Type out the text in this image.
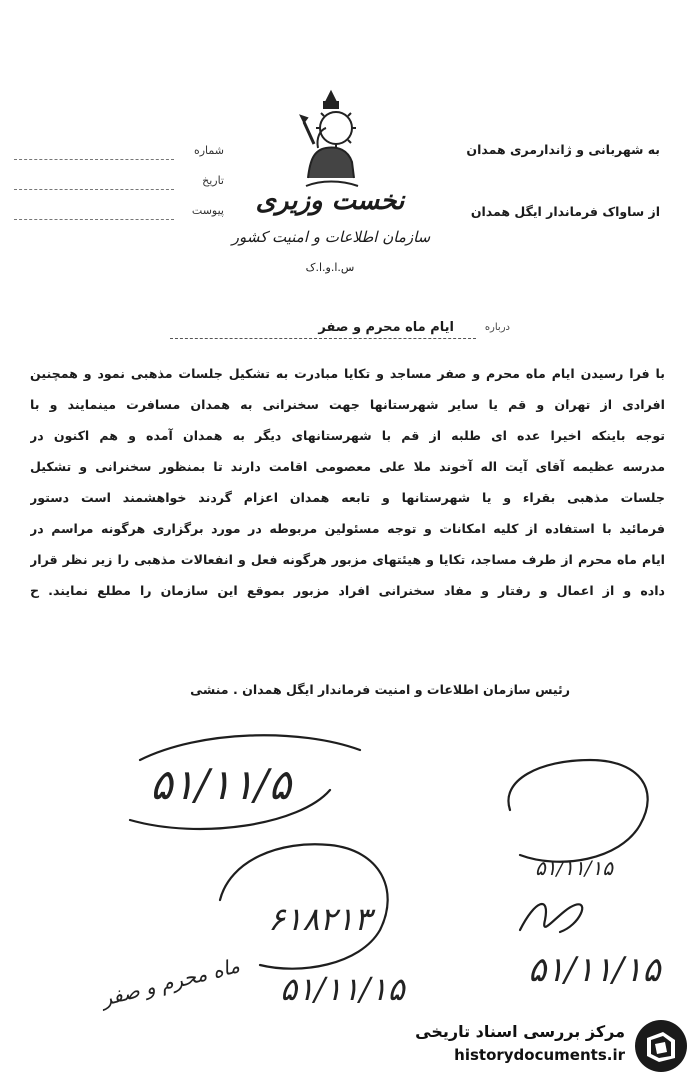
نخست وزیری
سازمان اطلاعات و امنیت کشور
س.ا.و.ا.ک
شماره
تاریخ
پیوست
به شهربانی و ژاندارمری همدان
از ساواک فرماندار ایگل همدان
درباره
ایام ماه محرم و صفر
با فرا رسیدن ایام ماه محرم و صفر مساجد و تکایا مبادرت به تشکیل جلسات مذهبی نمود و همچنین
افرادی از تهران و قم یا سایر شهرستانها جهت سخنرانی به همدان مسافرت مینمایند و با
توجه باینکه اخیرا عده ای طلبه از قم با شهرستانهای دیگر به همدان آمده و هم اکنون در
مدرسه عظیمه آقای آیت اله آخوند ملا علی معصومی اقامت دارند تا بمنظور سخنرانی و تشکیل
جلسات مذهبی بقراء و یا شهرستانها و تابعه همدان اعزام گردند خواهشمند است دستور
فرمائید با استفاده از کلیه امکانات و توجه مسئولین مربوطه در مورد برگزاری هرگونه مراسم در
ایام ماه محرم از طرف مساجد، تکایا و هیئتهای مزبور هرگونه فعل و انفعالات مذهبی را زیر نظر قرار
داده و از اعمال و رفتار و مفاد سخنرانی افراد مزبور بموقع این سازمان را مطلع نمایند. ح
رئیس سازمان اطلاعات و امنیت فرماندار ایگل همدان . منشی
۵۱/۱۱/۵
۵۱/۱۱/۱۵
۶۱۸۲۱۳
۵۱/۱۱/۱۵	۵۱/۱۱/۱۵
ماه محرم و صفر
مرکز بررسی اسناد تاریخی
historydocuments.ir
